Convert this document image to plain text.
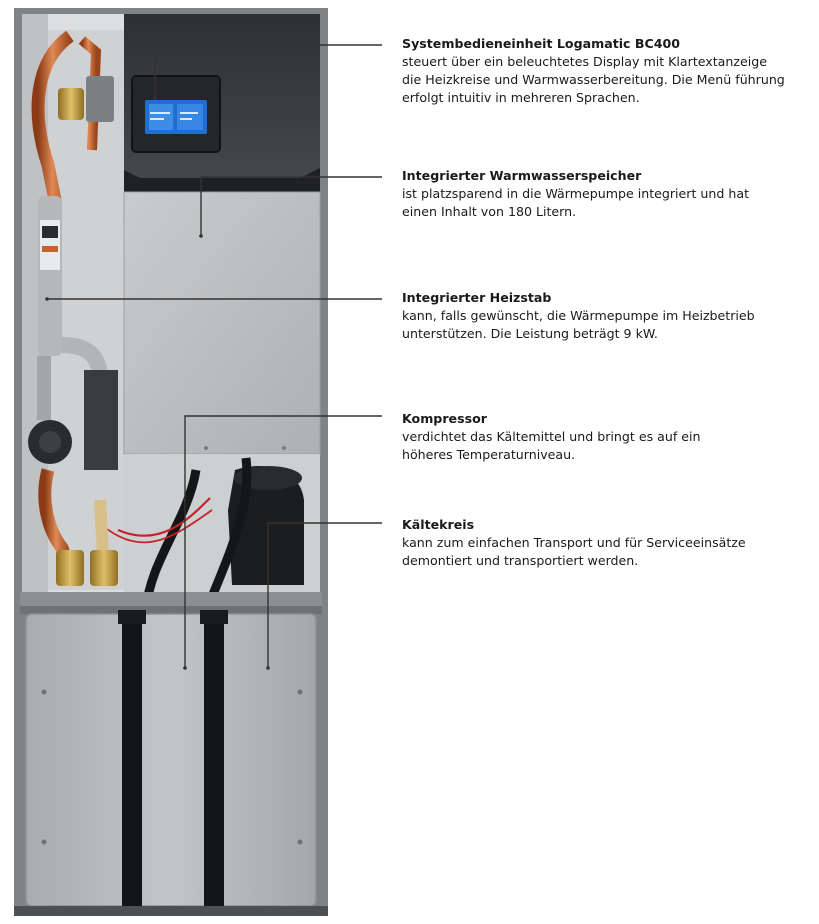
Systembedieneinheit Logamatic BC400
steuert über ein beleuchtetes Display mit Klartextanzeige
die Heizkreise und Warmwasserbereitung. Die Menü führung
erfolgt intuitiv in mehreren Sprachen.
Integrierter Warmwasserspeicher
ist platzsparend in die Wärmepumpe integriert und hat
einen Inhalt von 180 Litern.
Integrierter Heizstab
kann, falls gewünscht, die Wärmepumpe im Heizbetrieb
unterstützen. Die Leistung beträgt 9 kW.
Kompressor
verdichtet das Kältemittel und bringt es auf ein
höheres Temperaturniveau.
Kältekreis
kann zum einfachen Transport und für Serviceeinsätze
demontiert und transportiert werden.
